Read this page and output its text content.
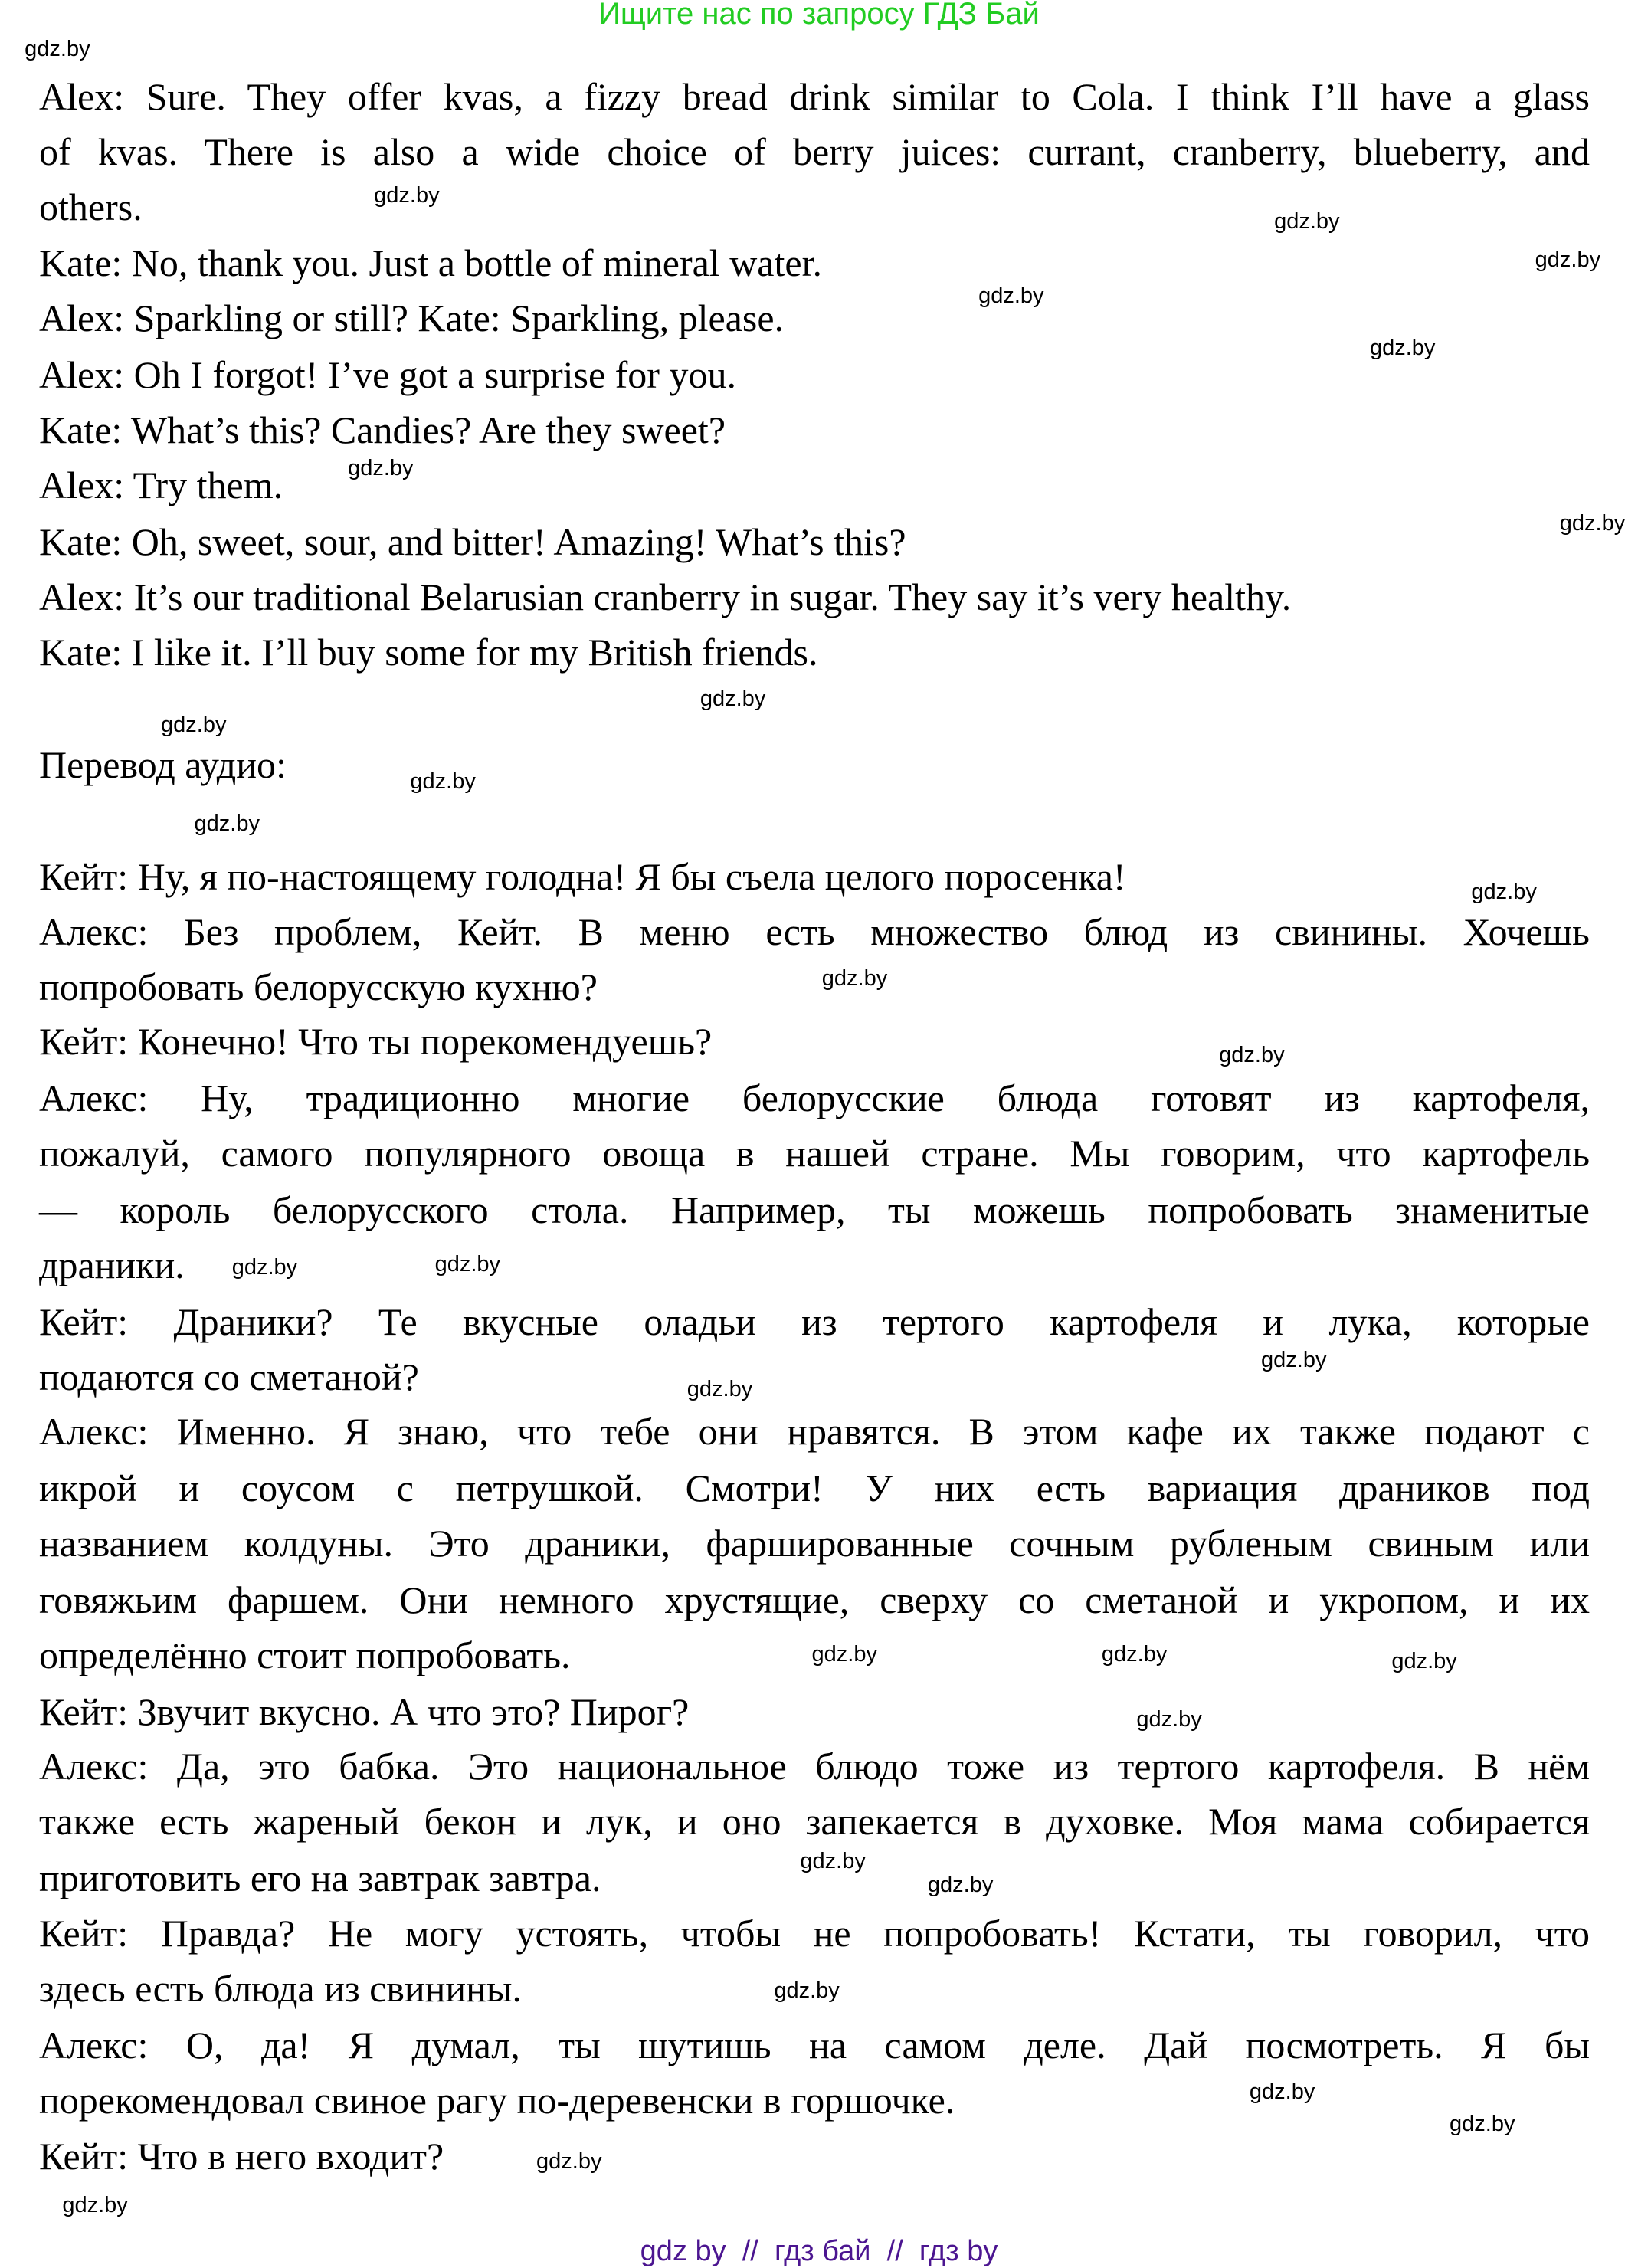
Ищите нас по запросу ГДЗ Бай
Alex: Sure. They offer kvas, a fizzy bread drink similar to Cola. I think I’ll have a glass
of kvas. There is also a wide choice of berry juices: currant, cranberry, blueberry, and
others.
Kate: No, thank you. Just a bottle of mineral water.
Alex: Sparkling or still? Kate: Sparkling, please.
Alex: Oh I forgot! I’ve got a surprise for you.
Kate: What’s this? Candies? Are they sweet?
Alex: Try them.
Kate: Oh, sweet, sour, and bitter! Amazing! What’s this?
Alex: It’s our traditional Belarusian cranberry in sugar. They say it’s very healthy.
Kate: I like it. I’ll buy some for my British friends.
Перевод аудио:
Кейт: Ну, я по-настоящему голодна! Я бы съела целого поросенка!
Алекс: Без проблем, Кейт. В меню есть множество блюд из свинины. Хочешь
попробовать белорусскую кухню?
Кейт: Конечно! Что ты порекомендуешь?
Алекс: Ну, традиционно многие белорусские блюда готовят из картофеля,
пожалуй, самого популярного овоща в нашей стране. Мы говорим, что картофель
— король белорусского стола. Например, ты можешь попробовать знаменитые
драники.
Кейт: Драники? Те вкусные оладьи из тертого картофеля и лука, которые
подаются со сметаной?
Алекс: Именно. Я знаю, что тебе они нравятся. В этом кафе их также подают с
икрой и соусом с петрушкой. Смотри! У них есть вариация драников под
названием колдуны. Это драники, фаршированные сочным рубленым свиным или
говяжьим фаршем. Они немного хрустящие, сверху со сметаной и укропом, и их
определённо стоит попробовать.
Кейт: Звучит вкусно. А что это? Пирог?
Алекс: Да, это бабка. Это национальное блюдо тоже из тертого картофеля. В нём
также есть жареный бекон и лук, и оно запекается в духовке. Моя мама собирается
приготовить его на завтрак завтра.
Кейт: Правда? Не могу устоять, чтобы не попробовать! Кстати, ты говорил, что
здесь есть блюда из свинины.
Алекс: О, да! Я думал, ты шутишь на самом деле. Дай посмотреть. Я бы
порекомендовал свиное рагу по-деревенски в горшочке.
Кейт: Что в него входит?
gdz.by
gdz.by
gdz.by
gdz.by
gdz.by
gdz.by
gdz.by
gdz.by
gdz.by
gdz.by
gdz.by
gdz.by
gdz.by
gdz.by
gdz.by
gdz.by
gdz.by
gdz.by
gdz.by
gdz.by	gdz.by	gdz.by
gdz.by
gdz.by
gdz.by
gdz.by
gdz.by
gdz.by
gdz.by
gdz.by
gdz by  //  гдз бай  //  гдз by
